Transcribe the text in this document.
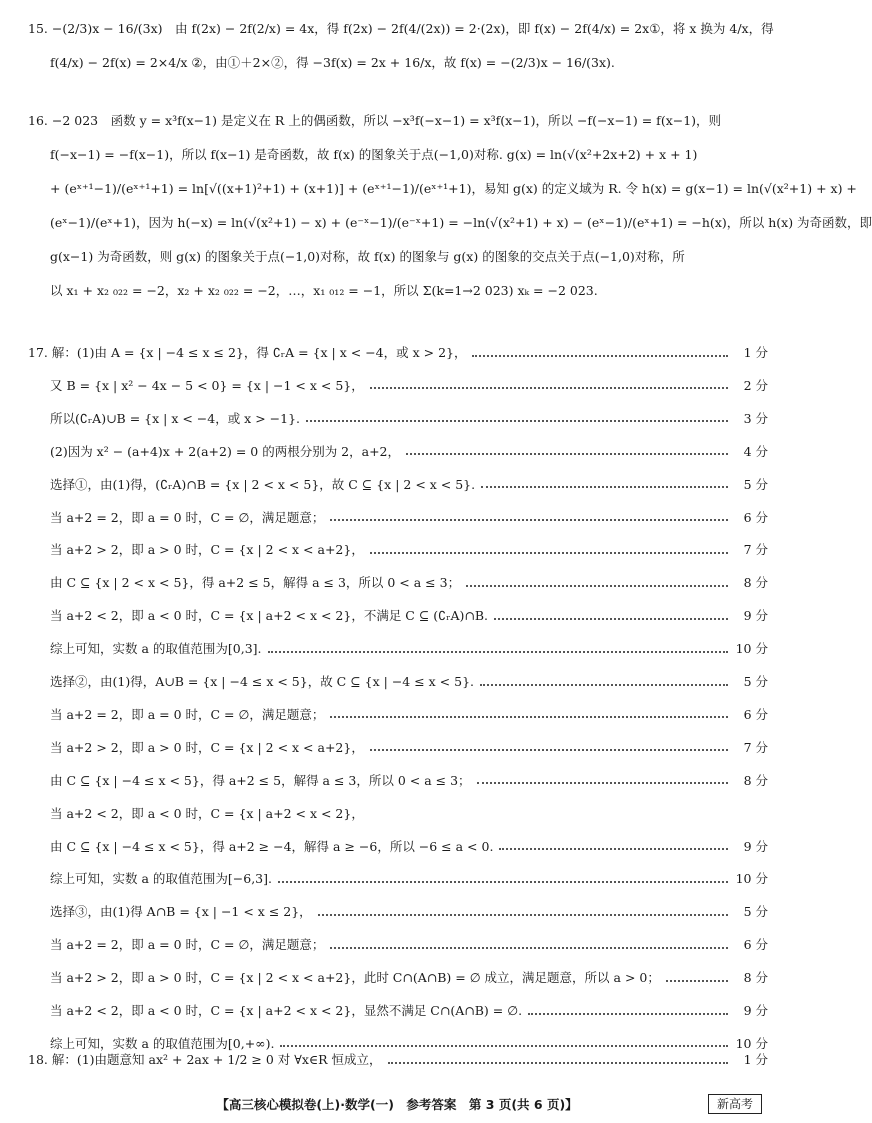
15. −(2/3)x − 16/(3x)　由 f(2x) − 2f(2/x) = 4x，得 f(2x) − 2f(4/(2x)) = 2·(2x)，即 f(x) − 2f(4/x) = 2x①，将 x 换为 4/x，得
f(4/x) − 2f(x) = 2×4/x ②，由①＋2×②，得 −3f(x) = 2x + 16/x，故 f(x) = −(2/3)x − 16/(3x).
16. −2 023　函数 y = x³f(x−1) 是定义在 R 上的偶函数，所以 −x³f(−x−1) = x³f(x−1)，所以 −f(−x−1) = f(x−1)，则
f(−x−1) = −f(x−1)，所以 f(x−1) 是奇函数，故 f(x) 的图象关于点(−1,0)对称. g(x) = ln(√(x²+2x+2) + x + 1)
+ (eˣ⁺¹−1)/(eˣ⁺¹+1) = ln[√((x+1)²+1) + (x+1)] + (eˣ⁺¹−1)/(eˣ⁺¹+1)，易知 g(x) 的定义域为 R. 令 h(x) = g(x−1) = ln(√(x²+1) + x) +
(eˣ−1)/(eˣ+1)，因为 h(−x) = ln(√(x²+1) − x) + (e⁻ˣ−1)/(e⁻ˣ+1) = −ln(√(x²+1) + x) − (eˣ−1)/(eˣ+1) = −h(x)，所以 h(x) 为奇函数，即
g(x−1) 为奇函数，则 g(x) 的图象关于点(−1,0)对称，故 f(x) 的图象与 g(x) 的图象的交点关于点(−1,0)对称，所
以 x₁ + x₂ ₀₂₂ = −2，x₂ + x₂ ₀₂₂ = −2，…，x₁ ₀₁₂ = −1，所以 Σ(k=1→2 023) xₖ = −2 023.
17. 解：(1)由 A = {x | −4 ≤ x ≤ 2}，得 ∁ᵣA = {x | x < −4，或 x > 2}，	1 分
又 B = {x | x² − 4x − 5 < 0} = {x | −1 < x < 5}，	2 分
所以(∁ᵣA)∪B = {x | x < −4，或 x > −1}.	3 分
(2)因为 x² − (a+4)x + 2(a+2) = 0 的两根分别为 2，a+2，	4 分
选择①，由(1)得，(∁ᵣA)∩B = {x | 2 < x < 5}，故 C ⊆ {x | 2 < x < 5}.	5 分
当 a+2 = 2，即 a = 0 时，C = ∅，满足题意；	6 分
当 a+2 > 2，即 a > 0 时，C = {x | 2 < x < a+2}，	7 分
由 C ⊆ {x | 2 < x < 5}，得 a+2 ≤ 5，解得 a ≤ 3，所以 0 < a ≤ 3；	8 分
当 a+2 < 2，即 a < 0 时，C = {x | a+2 < x < 2}，不满足 C ⊆ (∁ᵣA)∩B.	9 分
综上可知，实数 a 的取值范围为[0,3].	10 分
选择②，由(1)得，A∪B = {x | −4 ≤ x < 5}，故 C ⊆ {x | −4 ≤ x < 5}.	5 分
当 a+2 = 2，即 a = 0 时，C = ∅，满足题意；	6 分
当 a+2 > 2，即 a > 0 时，C = {x | 2 < x < a+2}，	7 分
由 C ⊆ {x | −4 ≤ x < 5}，得 a+2 ≤ 5，解得 a ≤ 3，所以 0 < a ≤ 3；	8 分
当 a+2 < 2，即 a < 0 时，C = {x | a+2 < x < 2}，
由 C ⊆ {x | −4 ≤ x < 5}，得 a+2 ≥ −4，解得 a ≥ −6，所以 −6 ≤ a < 0.	9 分
综上可知，实数 a 的取值范围为[−6,3].	10 分
选择③，由(1)得 A∩B = {x | −1 < x ≤ 2}，	5 分
当 a+2 = 2，即 a = 0 时，C = ∅，满足题意；	6 分
当 a+2 > 2，即 a > 0 时，C = {x | 2 < x < a+2}，此时 C∩(A∩B) = ∅ 成立，满足题意，所以 a > 0；	8 分
当 a+2 < 2，即 a < 0 时，C = {x | a+2 < x < 2}，显然不满足 C∩(A∩B) = ∅.	9 分
综上可知，实数 a 的取值范围为[0,+∞).	10 分
18. 解：(1)由题意知 ax² + 2ax + 1/2 ≥ 0 对 ∀x∈R 恒成立，	1 分
【高三核心模拟卷(上)·数学(一)　参考答案　第 3 页(共 6 页)】	新高考
